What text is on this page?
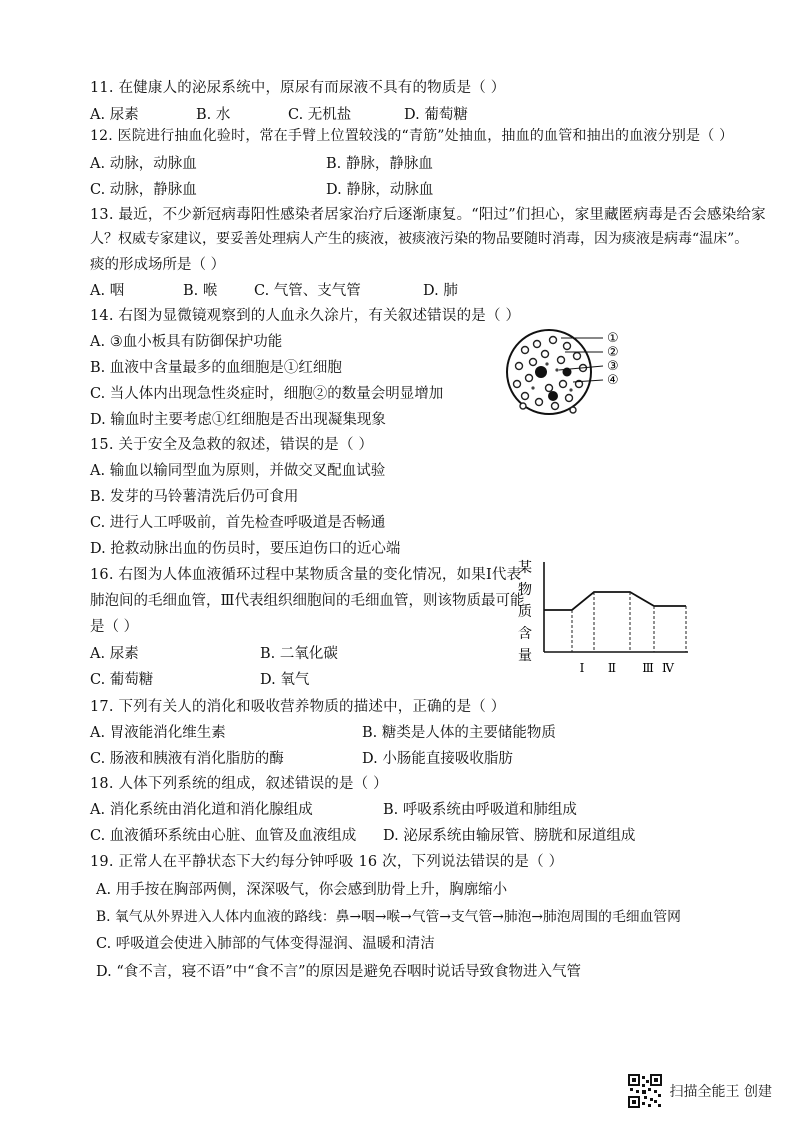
11. 在健康人的泌尿系统中，原尿有而尿液不具有的物质是（ ）
A. 尿素	B. 水	C. 无机盐	D. 葡萄糖
12. 医院进行抽血化验时，常在手臂上位置较浅的“青筋”处抽血，抽血的血管和抽出的血液分别是（ ）
A. 动脉，动脉血	B. 静脉，静脉血
C. 动脉，静脉血	D. 静脉，动脉血
13. 最近，不少新冠病毒阳性感染者居家治疗后逐渐康复。“阳过”们担心，家里藏匿病毒是否会感染给家
人？权威专家建议，要妥善处理病人产生的痰液，被痰液污染的物品要随时消毒，因为痰液是病毒“温床”。
痰的形成场所是（ ）
A. 咽	B. 喉	C. 气管、支气管	D. 肺
14. 右图为显微镜观察到的人血永久涂片，有关叙述错误的是（ ）
A. ③血小板具有防御保护功能
B. 血液中含量最多的血细胞是①红细胞
C. 当人体内出现急性炎症时，细胞②的数量会明显增加
D. 输血时主要考虑①红细胞是否出现凝集现象
①
②
③
④
15. 关于安全及急救的叙述，错误的是（ ）
A. 输血以输同型血为原则，并做交叉配血试验
B. 发芽的马铃薯清洗后仍可食用
C. 进行人工呼吸前，首先检查呼吸道是否畅通
D. 抢救动脉出血的伤员时，要压迫伤口的近心端
16. 右图为人体血液循环过程中某物质含量的变化情况，如果Ⅰ代表
肺泡间的毛细血管，Ⅲ代表组织细胞间的毛细血管，则该物质最可能
是（ ）
A. 尿素	B. 二氧化碳
C. 葡萄糖	D. 氧气
某
物
质
含
量
Ⅰ Ⅱ Ⅲ Ⅳ
17. 下列有关人的消化和吸收营养物质的描述中，正确的是（ ）
A. 胃液能消化维生素	B. 糖类是人体的主要储能物质
C. 肠液和胰液有消化脂肪的酶	D. 小肠能直接吸收脂肪
18. 人体下列系统的组成，叙述错误的是（ ）
A. 消化系统由消化道和消化腺组成	B. 呼吸系统由呼吸道和肺组成
C. 血液循环系统由心脏、血管及血液组成 D. 泌尿系统由输尿管、膀胱和尿道组成
19. 正常人在平静状态下大约每分钟呼吸 16 次，下列说法错误的是（ ）
A. 用手按在胸部两侧，深深吸气，你会感到肋骨上升，胸廓缩小
B. 氧气从外界进入人体内血液的路线：鼻→咽→喉→气管→支气管→肺泡→肺泡周围的毛细血管网
C. 呼吸道会使进入肺部的气体变得湿润、温暖和清洁
D. “食不言，寝不语”中“食不言”的原因是避免吞咽时说话导致食物进入气管
扫描全能王 创建
